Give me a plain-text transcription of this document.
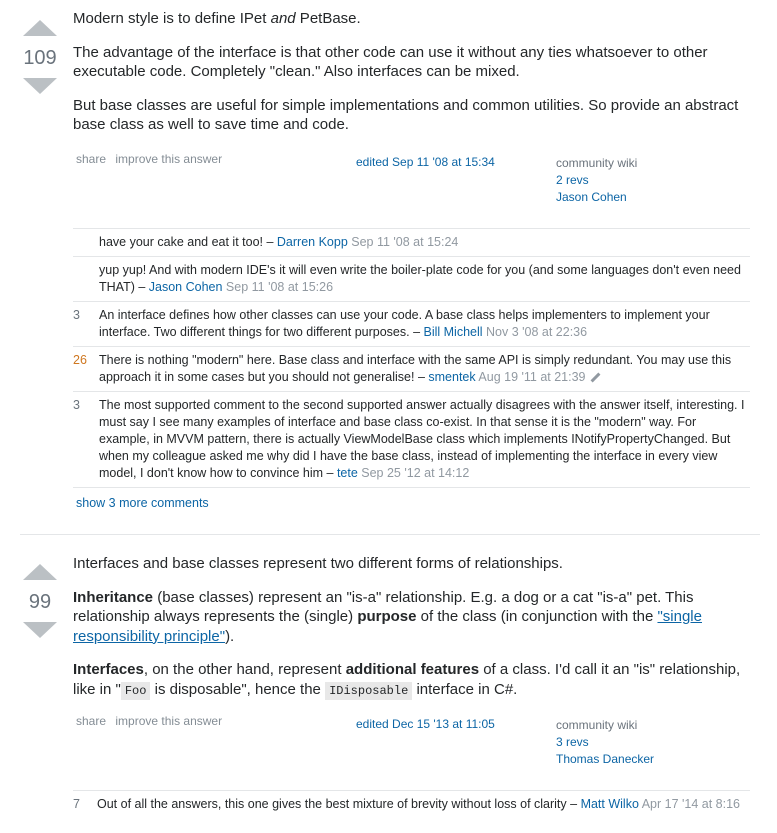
109

Modern style is to define IPet and PetBase.

The advantage of the interface is that other code can use it without any ties whatsoever to other executable code. Completely "clean." Also interfaces can be mixed.

But base classes are useful for simple implementations and common utilities. So provide an abstract base class as well to save time and code.

share improve this answer	edited Sep 11 '08 at 15:34	community wiki
2 revs
Jason Cohen
have your cake and eat it too! – Darren Kopp Sep 11 '08 at 15:24
yup yup! And with modern IDE's it will even write the boiler-plate code for you (and some languages don't even need THAT) – Jason Cohen Sep 11 '08 at 15:26
3 An interface defines how other classes can use your code. A base class helps implementers to implement your interface. Two different things for two different purposes. – Bill Michell Nov 3 '08 at 22:36
26 There is nothing "modern" here. Base class and interface with the same API is simply redundant. You may use this approach it in some cases but you should not generalise! – smentek Aug 19 '11 at 21:39
3 The most supported comment to the second supported answer actually disagrees with the answer itself, interesting. I must say I see many examples of interface and base class co-exist. In that sense it is the "modern" way. For example, in MVVM pattern, there is actually ViewModelBase class which implements INotifyPropertyChanged. But when my colleague asked me why did I have the base class, instead of implementing the interface in every view model, I don't know how to convince him – tete Sep 25 '12 at 14:12
show 3 more comments
99

Interfaces and base classes represent two different forms of relationships.

Inheritance (base classes) represent an "is-a" relationship. E.g. a dog or a cat "is-a" pet. This relationship always represents the (single) purpose of the class (in conjunction with the "single responsibility principle").

Interfaces, on the other hand, represent additional features of a class. I'd call it an "is" relationship, like in " Foo is disposable", hence the IDisposable interface in C#.

share improve this answer	edited Dec 15 '13 at 11:05	community wiki
3 revs
Thomas Danecker
7 Out of all the answers, this one gives the best mixture of brevity without loss of clarity – Matt Wilko Apr 17 '14 at 8:16
